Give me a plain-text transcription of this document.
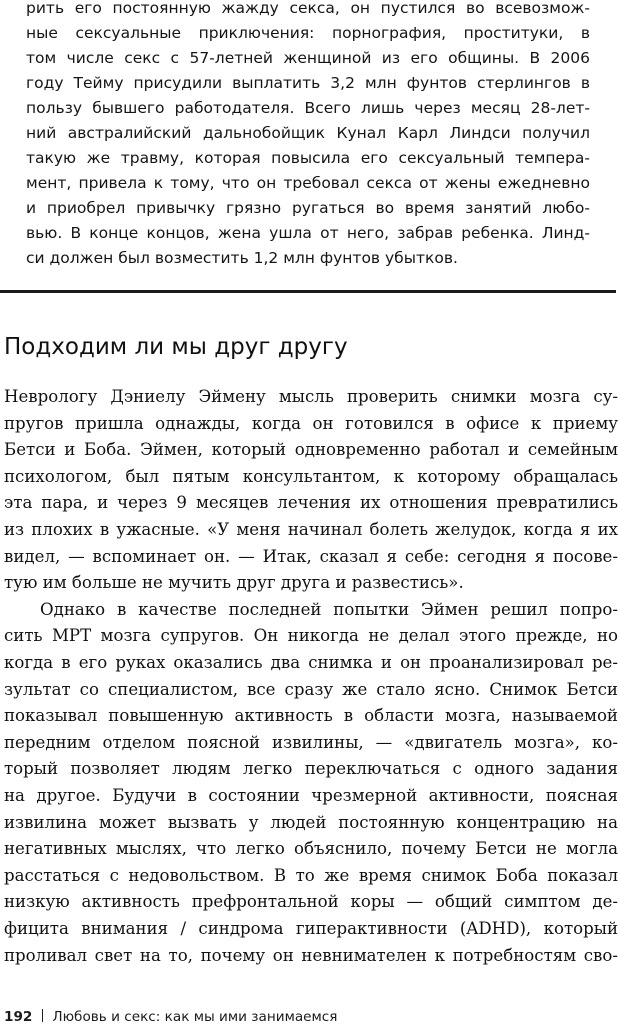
рить его постоянную жажду секса, он пустился во всевозмож-
ные сексуальные приключения: порнография, проституки, в
том числе секс с 57-летней женщиной из его общины. В 2006
году Теймy присудили выплатить 3,2 млн фунтов стерлингов в
пользу бывшего работодателя. Всего лишь через месяц 28-лет-
ний австралийский дальнобойщик Кунал Карл Линдси получил
такую же травму, которая повысила его сексуальный темпера-
мент, привела к тому, что он требовал секса от жены ежедневно
и приобрел привычку грязно ругаться во время занятий любо-
вью. В конце концов, жена ушла от него, забрав ребенка. Линд-
си должен был возместить 1,2 млн фунтов убытков.
Подходим ли мы друг другу
Неврологу Дэниелу Эймену мысль проверить снимки мозга су-
пругов пришла однажды, когда он готовился в офисе к приему
Бетси и Боба. Эймен, который одновременно работал и семейным
психологом, был пятым консультантом, к которому обращалась
эта пара, и через 9 месяцев лечения их отношения превратились
из плохих в ужасные. «У меня начинал болеть желудок, когда я их
видел, — вспоминает он. — Итак, сказал я себе: сегодня я посове-
тую им больше не мучить друг друга и развестись».
Однако в качестве последней попытки Эймен решил попро-
сить МРТ мозга супругов. Он никогда не делал этого прежде, но
когда в его руках оказались два снимка и он проанализировал ре-
зультат со специалистом, все сразу же стало ясно. Снимок Бетси
показывал повышенную активность в области мозга, называемой
передним отделом поясной извилины, — «двигатель мозга», ко-
торый позволяет людям легко переключаться с одного задания
на другое. Будучи в состоянии чрезмерной активности, поясная
извилина может вызвать у людей постоянную концентрацию на
негативных мыслях, что легко объяснило, почему Бетси не могла
расстаться с недовольством. В то же время снимок Боба показал
низкую активность префронтальной коры — общий симптом де-
фицита внимания / синдрома гиперактивности (ADHD), который
проливал свет на то, почему он невнимателен к потребностям сво-
192 Любовь и секс: как мы ими занимаемся
